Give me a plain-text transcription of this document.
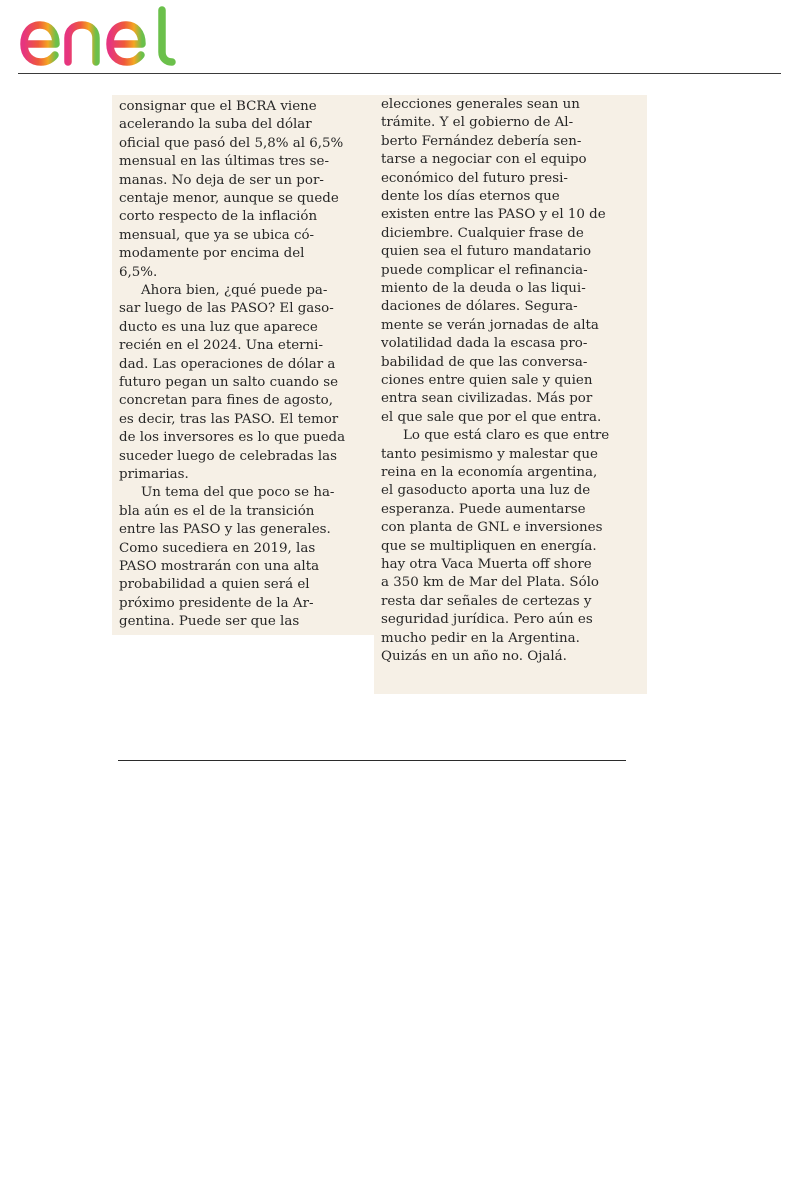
consignar que el BCRA viene
acelerando la suba del dólar
oficial que pasó del 5,8% al 6,5%
mensual en las últimas tres se-
manas. No deja de ser un por-
centaje menor, aunque se quede
corto respecto de la inflación
mensual, que ya se ubica có-
modamente por encima del
6,5%.
Ahora bien, ¿qué puede pa-
sar luego de las PASO? El gaso-
ducto es una luz que aparece
recién en el 2024. Una eterni-
dad. Las operaciones de dólar a
futuro pegan un salto cuando se
concretan para fines de agosto,
es decir, tras las PASO. El temor
de los inversores es lo que pueda
suceder luego de celebradas las
primarias.
Un tema del que poco se ha-
bla aún es el de la transición
entre las PASO y las generales.
Como sucediera en 2019, las
PASO mostrarán con una alta
probabilidad a quien será el
próximo presidente de la Ar-
gentina. Puede ser que las
elecciones generales sean un
trámite. Y el gobierno de Al-
berto Fernández debería sen-
tarse a negociar con el equipo
económico del futuro presi-
dente los días eternos que
existen entre las PASO y el 10 de
diciembre. Cualquier frase de
quien sea el futuro mandatario
puede complicar el refinancia-
miento de la deuda o las liqui-
daciones de dólares. Segura-
mente se verán jornadas de alta
volatilidad dada la escasa pro-
babilidad de que las conversa-
ciones entre quien sale y quien
entra sean civilizadas. Más por
el que sale que por el que entra.
Lo que está claro es que entre
tanto pesimismo y malestar que
reina en la economía argentina,
el gasoducto aporta una luz de
esperanza. Puede aumentarse
con planta de GNL e inversiones
que se multipliquen en energía.
hay otra Vaca Muerta off shore
a 350 km de Mar del Plata. Sólo
resta dar señales de certezas y
seguridad jurídica. Pero aún es
mucho pedir en la Argentina.
Quizás en un año no. Ojalá.
